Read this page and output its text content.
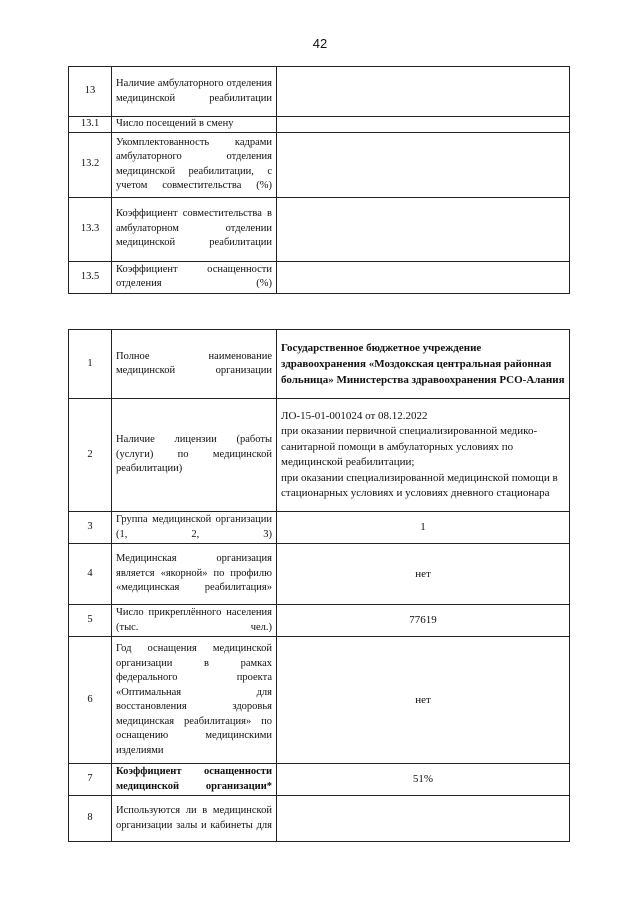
42
13	Наличие амбулаторного отделения медицинской реабилитации	
13.1	Число посещений в смену	
13.2	Укомплектованность кадрами амбулаторного отделения медицинской реабилитации, с учетом совместительства (%)	
13.3	Коэффициент совместительства в амбулаторном отделении медицинской реабилитации	
13.5	Коэффициент оснащенности отделения (%)	
1	Полное наименование медицинской организации	Государственное бюджетное учреждение здравоохранения «Моздокская центральная районная больница» Министерства здравоохранения РСО-Алания
2	Наличие лицензии (работы (услуги) по медицинской реабилитации)	ЛО-15-01-001024 от 08.12.2022
при оказании первичной специализированной медико- санитарной помощи в амбулаторных условиях по медицинской реабилитации;
при оказании специализированной медицинской помощи в стационарных условиях и условиях дневного стационара

3	Группа медицинской организации (1, 2, 3)	1
4	Медицинская организация является «якорной» по профилю «медицинская реабилитация»	нет
5	Число прикреплённого населения (тыс. чел.)	77619
6	Год оснащения медицинской организации в рамках федерального проекта «Оптимальная для восстановления здоровья медицинская реабилитация» по оснащению медицинскими изделиями	нет
7	Коэффициент оснащенности медицинской организации*	51%
8	Используются ли в медицинской организации залы и кабинеты для	
